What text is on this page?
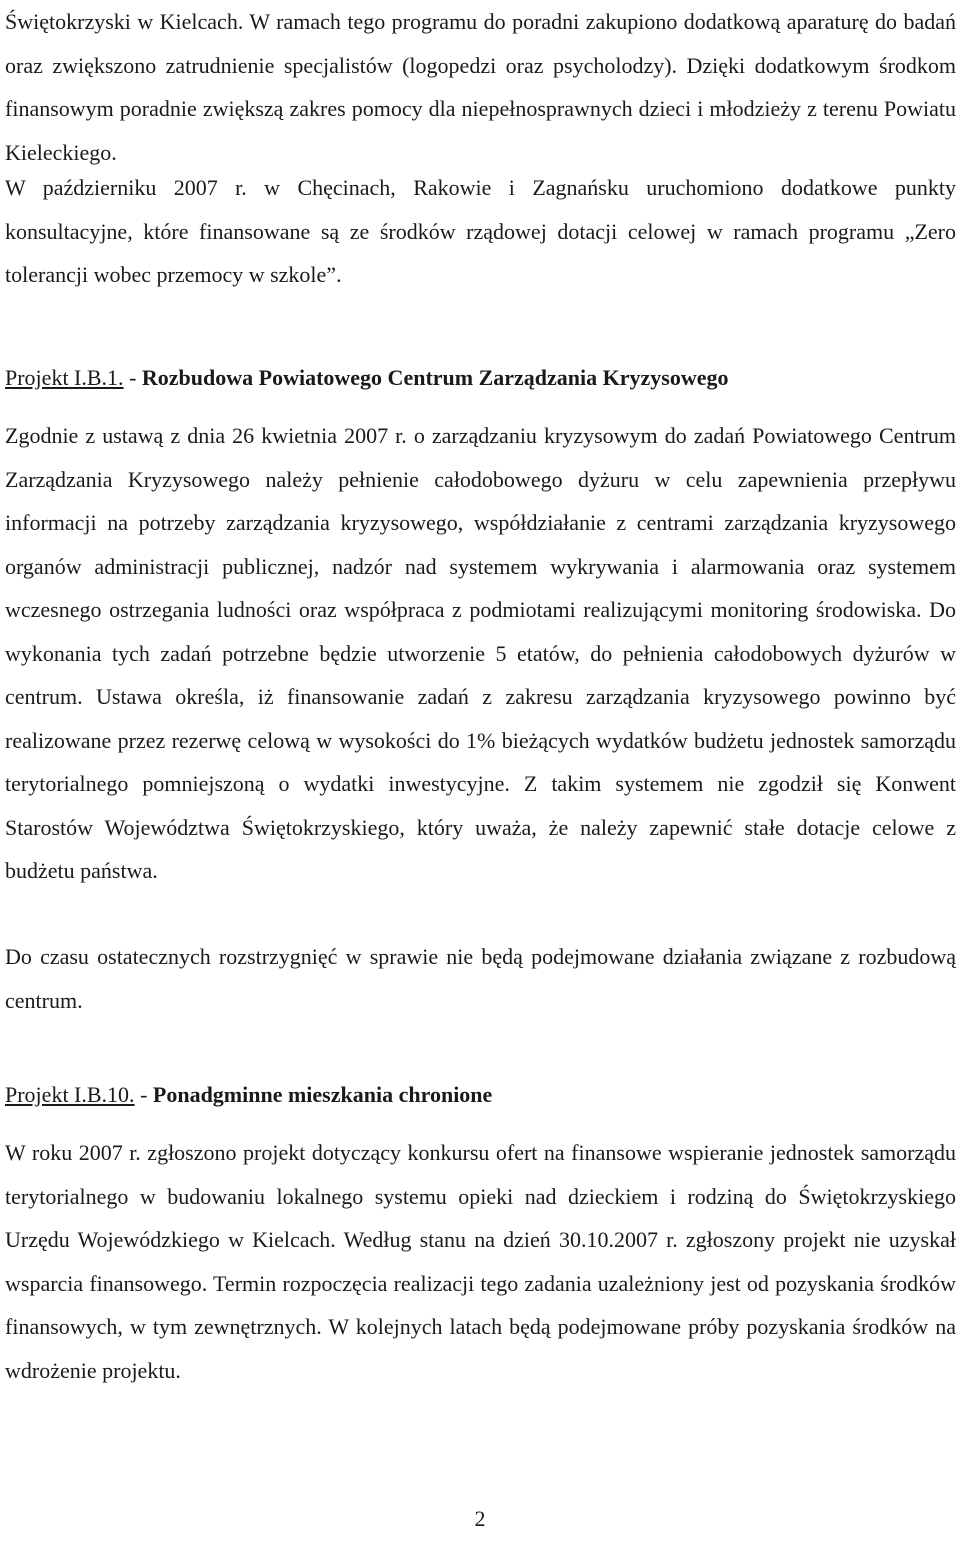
Świętokrzyski w Kielcach. W ramach tego programu do poradni zakupiono dodatkową aparaturę do badań oraz zwiększono zatrudnienie specjalistów (logopedzi oraz psycholodzy). Dzięki dodatkowym środkom finansowym poradnie zwiększą zakres pomocy dla niepełnosprawnych dzieci i młodzieży z terenu Powiatu Kieleckiego.

W październiku 2007 r. w Chęcinach, Rakowie i Zagnańsku uruchomiono dodatkowe punkty konsultacyjne, które finansowane są ze środków rządowej dotacji celowej w ramach programu „Zero tolerancji wobec przemocy w szkole”.

Projekt I.B.1. - Rozbudowa Powiatowego Centrum Zarządzania Kryzysowego

Zgodnie z ustawą z dnia 26 kwietnia 2007 r. o zarządzaniu kryzysowym do zadań Powiatowego Centrum Zarządzania Kryzysowego należy pełnienie całodobowego dyżuru w celu zapewnienia przepływu informacji na potrzeby zarządzania kryzysowego, współdziałanie z centrami zarządzania kryzysowego organów administracji publicznej, nadzór nad systemem wykrywania i alarmowania oraz systemem wczesnego ostrzegania ludności oraz współpraca z podmiotami realizującymi monitoring środowiska. Do wykonania tych zadań potrzebne będzie utworzenie 5 etatów, do pełnienia całodobowych dyżurów w centrum. Ustawa określa, iż finansowanie zadań z zakresu zarządzania kryzysowego powinno być realizowane przez rezerwę celową w wysokości do 1% bieżących wydatków budżetu jednostek samorządu terytorialnego pomniejszoną o wydatki inwestycyjne. Z takim systemem nie zgodził się Konwent Starostów Województwa Świętokrzyskiego, który uważa, że należy zapewnić stałe dotacje celowe z budżetu państwa.

Do czasu ostatecznych rozstrzygnięć w sprawie nie będą podejmowane działania związane z rozbudową centrum.

Projekt I.B.10. - Ponadgminne mieszkania chronione

W roku 2007 r. zgłoszono projekt dotyczący konkursu ofert na finansowe wspieranie jednostek samorządu terytorialnego w budowaniu lokalnego systemu opieki nad dzieckiem i rodziną do Świętokrzyskiego Urzędu Wojewódzkiego w Kielcach. Według stanu na dzień 30.10.2007 r. zgłoszony projekt nie uzyskał wsparcia finansowego. Termin rozpoczęcia realizacji tego zadania uzależniony jest od pozyskania środków finansowych, w tym zewnętrznych. W kolejnych latach będą podejmowane próby pozyskania środków na wdrożenie projektu.

2
